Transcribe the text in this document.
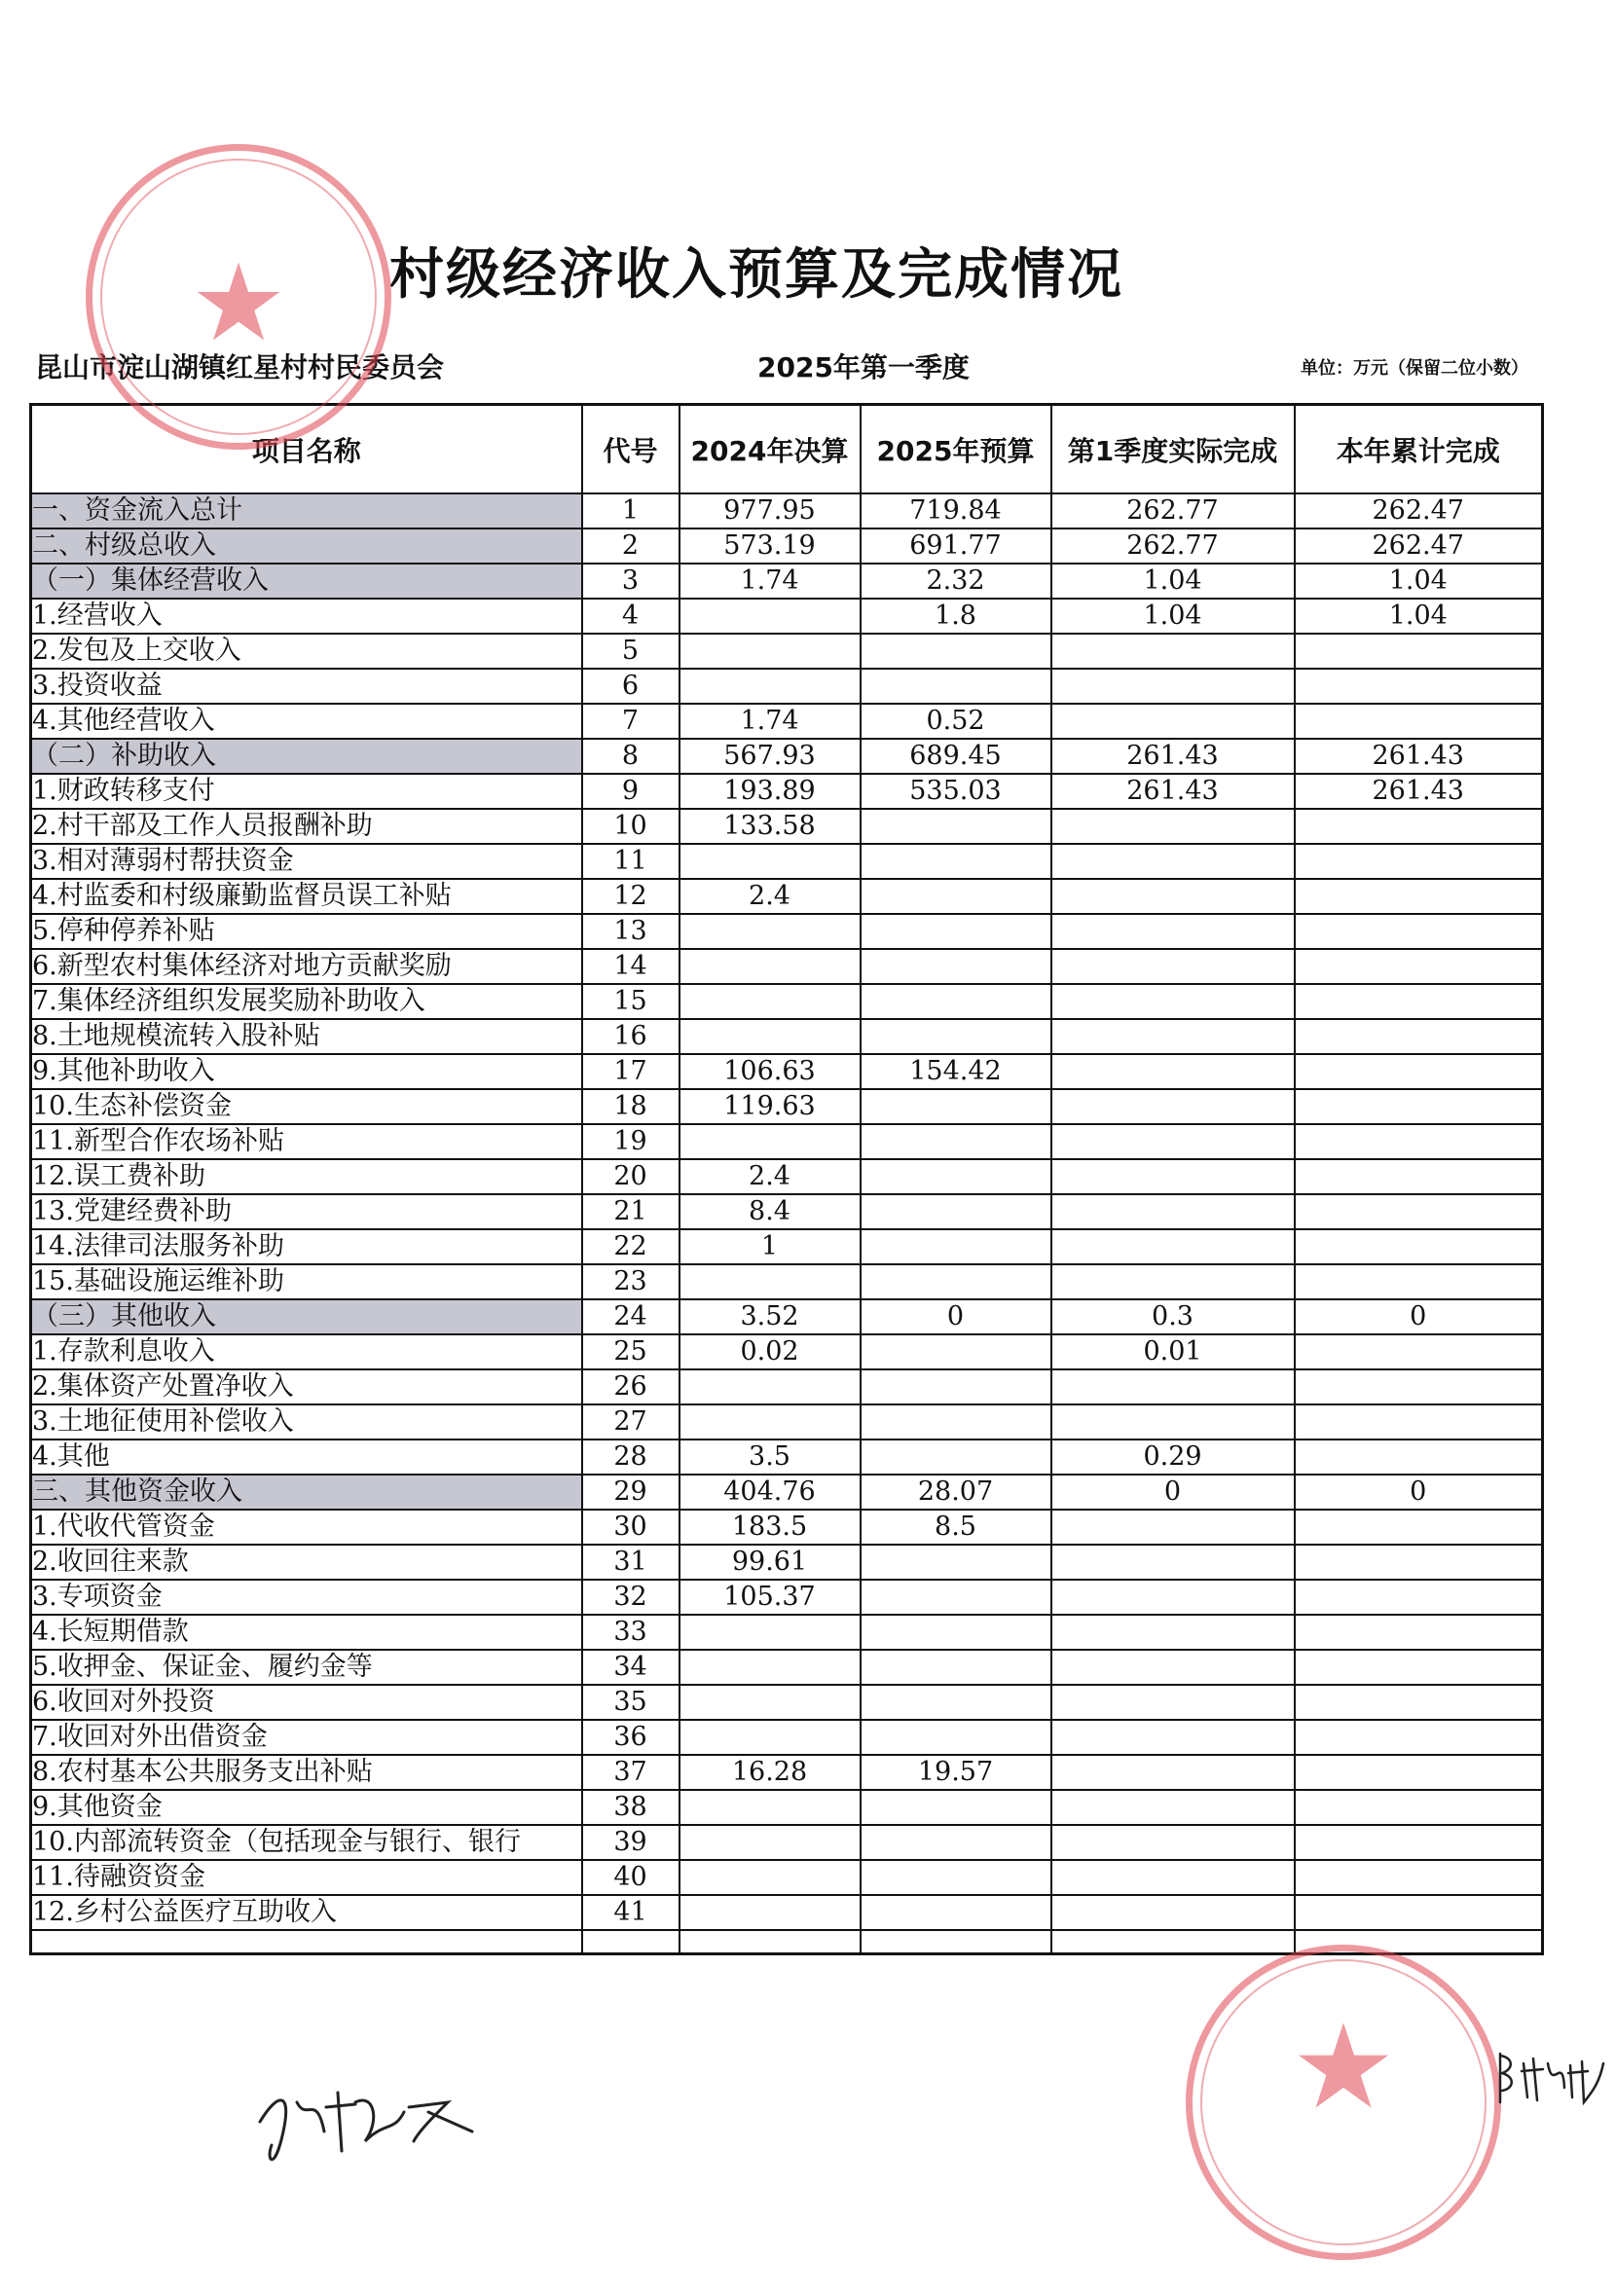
村级经济收入预算及完成情况
昆山市淀山湖镇红星村村民委员会	2025年第一季度	单位：万元（保留二位小数）
项目名称	代号	2024年决算	2025年预算	第1季度实际完成	本年累计完成
一、资金流入总计	1	977.95	719.84	262.77	262.47
二、村级总收入	2	573.19	691.77	262.77	262.47
（一）集体经营收入	3	1.74	2.32	1.04	1.04
1.经营收入	4		1.8	1.04	1.04
2.发包及上交收入	5				
3.投资收益	6				
4.其他经营收入	7	1.74	0.52		
（二）补助收入	8	567.93	689.45	261.43	261.43
1.财政转移支付	9	193.89	535.03	261.43	261.43
2.村干部及工作人员报酬补助	10	133.58			
3.相对薄弱村帮扶资金	11				
4.村监委和村级廉勤监督员误工补贴	12	2.4			
5.停种停养补贴	13				
6.新型农村集体经济对地方贡献奖励	14				
7.集体经济组织发展奖励补助收入	15				
8.土地规模流转入股补贴	16				
9.其他补助收入	17	106.63	154.42		
10.生态补偿资金	18	119.63			
11.新型合作农场补贴	19				
12.误工费补助	20	2.4			
13.党建经费补助	21	8.4			
14.法律司法服务补助	22	1			
15.基础设施运维补助	23				
（三）其他收入	24	3.52	0	0.3	0
1.存款利息收入	25	0.02		0.01	
2.集体资产处置净收入	26				
3.土地征使用补偿收入	27				
4.其他	28	3.5		0.29	
三、其他资金收入	29	404.76	28.07	0	0
1.代收代管资金	30	183.5	8.5		
2.收回往来款	31	99.61			
3.专项资金	32	105.37			
4.长短期借款	33				
5.收押金、保证金、履约金等	34				
6.收回对外投资	35				
7.收回对外出借资金	36				
8.农村基本公共服务支出补贴	37	16.28	19.57		
9.其他资金	38				
10.内部流转资金（包括现金与银行、银行	39				
11.待融资资金	40				
12.乡村公益医疗互助收入	41				

★
★
